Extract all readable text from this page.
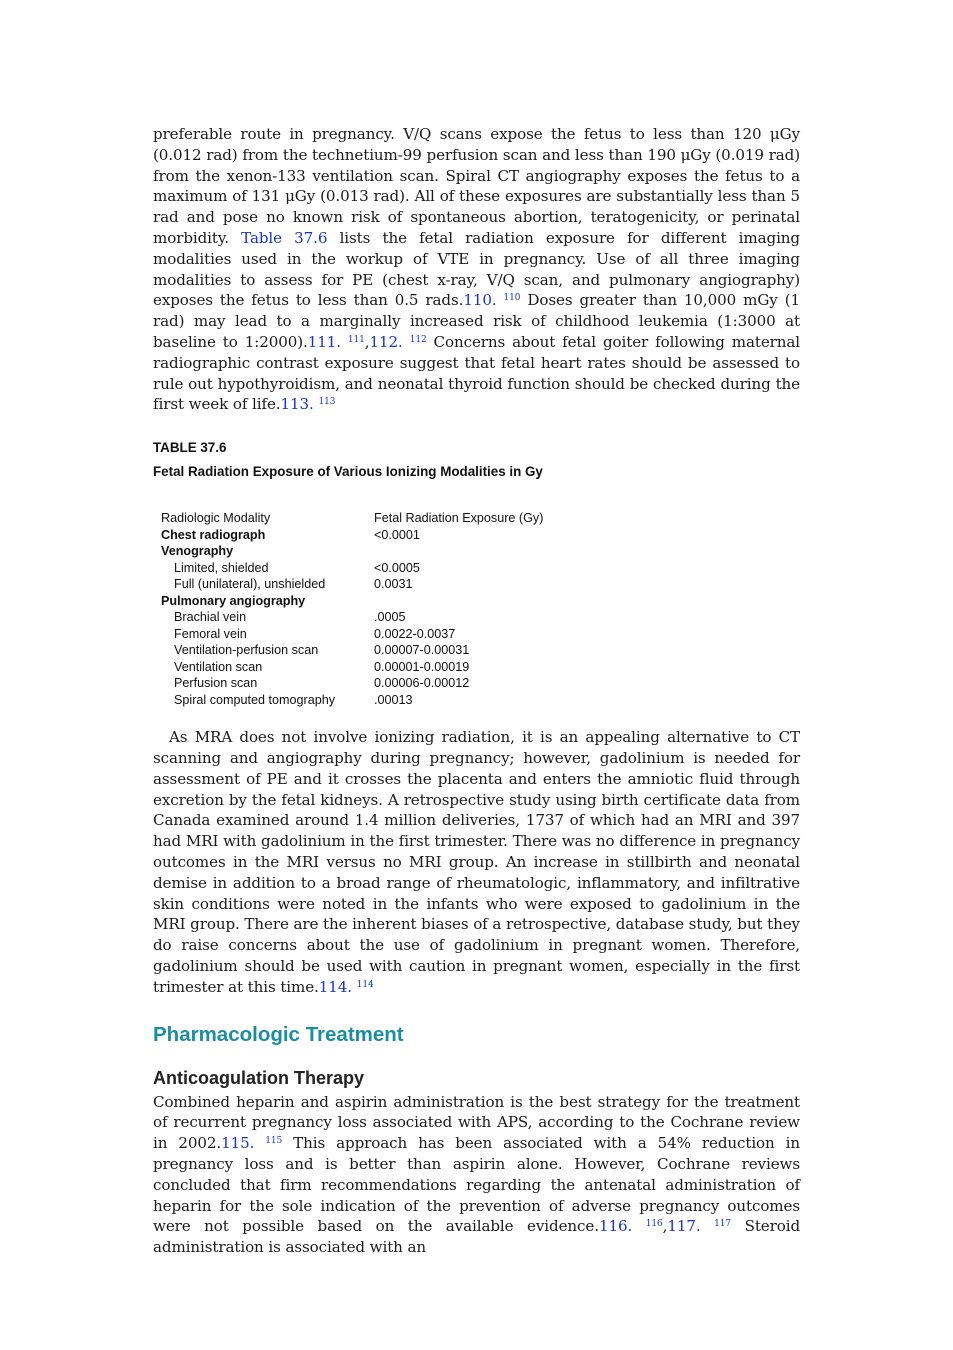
preferable route in pregnancy. V/Q scans expose the fetus to less than 120 μGy (0.012 rad) from the technetium-99 perfusion scan and less than 190 μGy (0.019 rad) from the xenon-133 ventilation scan. Spiral CT angiography exposes the fetus to a maximum of 131 μGy (0.013 rad). All of these exposures are substantially less than 5 rad and pose no known risk of spontaneous abortion, teratogenicity, or perinatal morbidity. Table 37.6 lists the fetal radiation exposure for different imaging modalities used in the workup of VTE in pregnancy. Use of all three imaging modalities to assess for PE (chest x-ray, V/Q scan, and pulmonary angiography) exposes the fetus to less than 0.5 rads.110. $^{110}$ Doses greater than 10,000 mGy (1 rad) may lead to a marginally increased risk of childhood leukemia (1:3000 at baseline to 1:2000).111. $^{111}$,112. $^{112}$ Concerns about fetal goiter following maternal radiographic contrast exposure suggest that fetal heart rates should be assessed to rule out hypothyroidism, and neonatal thyroid function should be checked during the first week of life.113. $^{113}$

TABLE 37.6

Fetal Radiation Exposure of Various Ionizing Modalities in Gy

Radiologic Modality	Fetal Radiation Exposure (Gy)
Chest radiograph	<0.0001
Venography	
Limited, shielded	<0.0005
Full (unilateral), unshielded	0.0031
Pulmonary angiography	
Brachial vein	.0005
Femoral vein	0.0022-0.0037
Ventilation-perfusion scan	0.00007-0.00031
Ventilation scan	0.00001-0.00019
Perfusion scan	0.00006-0.00012
Spiral computed tomography	.00013

As MRA does not involve ionizing radiation, it is an appealing alternative to CT scanning and angiography during pregnancy; however, gadolinium is needed for assessment of PE and it crosses the placenta and enters the amniotic fluid through excretion by the fetal kidneys. A retrospective study using birth certificate data from Canada examined around 1.4 million deliveries, 1737 of which had an MRI and 397 had MRI with gadolinium in the first trimester. There was no difference in pregnancy outcomes in the MRI versus no MRI group. An increase in stillbirth and neonatal demise in addition to a broad range of rheumatologic, inflammatory, and infiltrative skin conditions were noted in the infants who were exposed to gadolinium in the MRI group. There are the inherent biases of a retrospective, database study, but they do raise concerns about the use of gadolinium in pregnant women. Therefore, gadolinium should be used with caution in pregnant women, especially in the first trimester at this time.114. $^{114}$

Pharmacologic Treatment
Anticoagulation Therapy

Combined heparin and aspirin administration is the best strategy for the treatment of recurrent pregnancy loss associated with APS, according to the Cochrane review in 2002.115. $^{115}$ This approach has been associated with a 54% reduction in pregnancy loss and is better than aspirin alone. However, Cochrane reviews concluded that firm recommendations regarding the antenatal administration of heparin for the sole indication of the prevention of adverse pregnancy outcomes were not possible based on the available evidence.116. $^{116}$,117. $^{117}$ Steroid administration is associated with an
